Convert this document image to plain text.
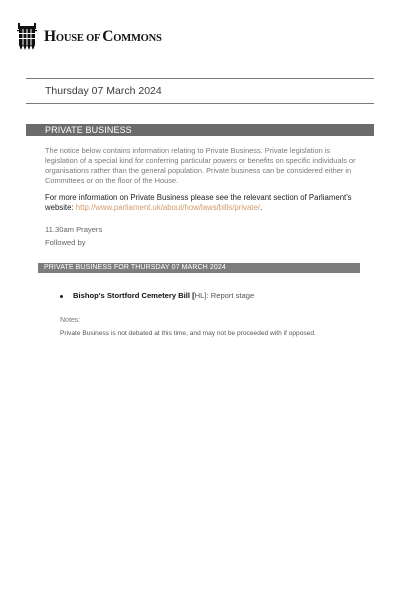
HOUSE OF COMMONS
Thursday 07 March 2024
PRIVATE BUSINESS

The notice below contains information relating to Private Business. Private legislation is legislation of a special kind for conferring particular powers or benefits on specific individuals or organisations rather than the general population. Private business can be considered either in Committees or on the floor of the House.

For more information on Private Business please see the relevant section of Parliament's website: http://www.parliament.uk/about/how/laws/bills/private/.

11.30am Prayers
Followed by
PRIVATE BUSINESS FOR THURSDAY 07 MARCH 2024
Bishop's Stortford Cemetery Bill
[ HL ]:
Report stage
Notes:
Private Business is not debated at this time, and may not be proceeded with if opposed.
